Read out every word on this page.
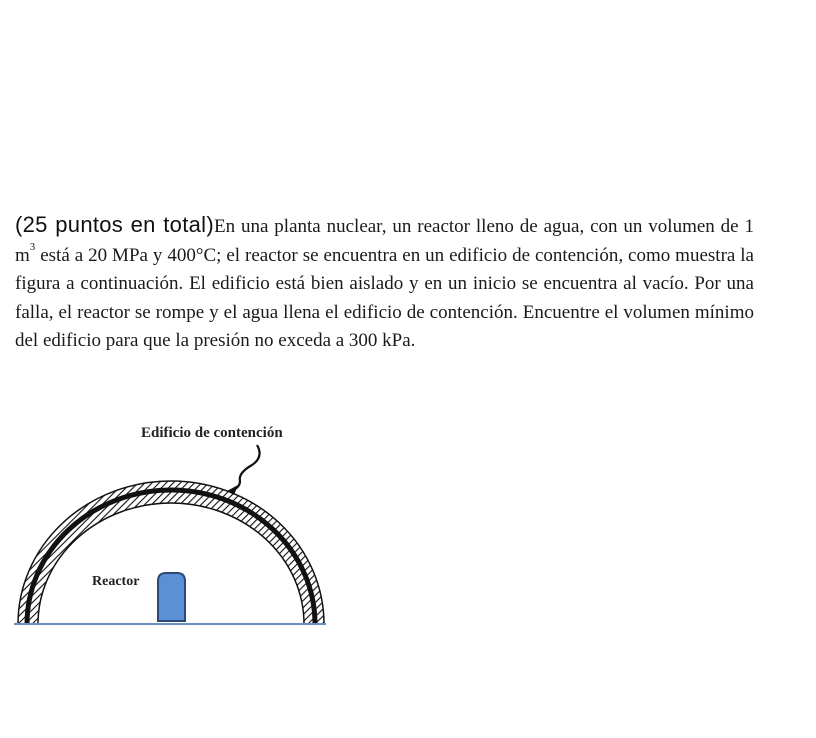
(25 puntos en total)En una planta nuclear, un reactor lleno de agua, con un volumen de 1 $m^3$ está a 20 MPa y 400°C; el reactor se encuentra en un edificio de contención, como muestra la figura a continuación. El edificio está bien aislado y en un inicio se encuentra al vacío. Por una falla, el reactor se rompe y el agua llena el edificio de contención. Encuentre el volumen mínimo del edificio para que la presión no exceda a 300 kPa.
Edificio de contención
Reactor
